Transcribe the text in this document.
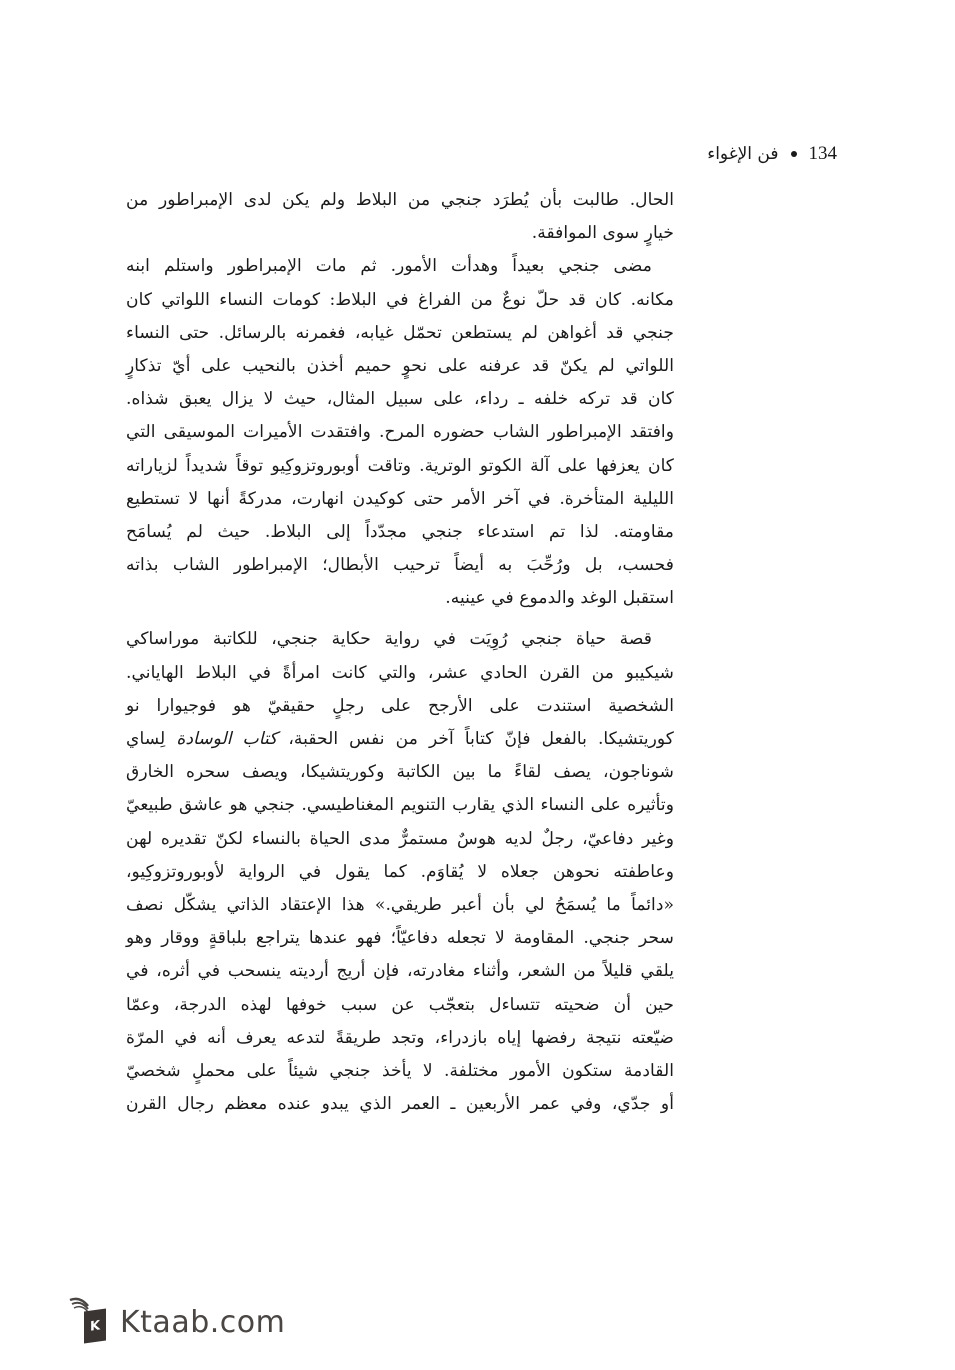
134
فن الإغواء
الحال. طالبت بأن يُطرَد جنجي من البلاط ولم يكن لدى الإمبراطور من
خيارٍ سوى الموافقة.
مضى جنجي بعيداً وهدأت الأمور. ثم مات الإمبراطور واستلم ابنه
مكانه. كان قد حلّ نوعٌ من الفراغ في البلاط: كومات النساء اللواتي كان
جنجي قد أغواهن لم يستطعن تحمّل غيابه، فغمرنه بالرسائل. حتى النساء
اللواتي لم يكنّ قد عرفنه على نحوٍ حميم أخذن بالنحيب على أيّ تذكارٍ
كان قد تركه خلفه ـ رداء، على سبيل المثال، حيث لا يزال يعبق شذاه.
وافتقد الإمبراطور الشاب حضوره المرح. وافتقدت الأميرات الموسيقى التي
كان يعزفها على آلة الكوتو الوترية. وتاقت أوبوروتزوكِيو توقاً شديداً لزياراته
الليلية المتأخرة. في آخر الأمر حتى كوكيدن انهارت، مدركةً أنها لا تستطيع
مقاومته. لذا تم استدعاء جنجي مجدّداً إلى البلاط. حيث لم يُسامَح
فحسب، بل ورُحِّبَ به أيضاً ترحيب الأبطال؛ الإمبراطور الشاب بذاته
استقبل الوغد والدموع في عينيه.
قصة حياة جنجي رُوِيَت في رواية حكاية جنجي، للكاتبة موراساكي
شيكيبو من القرن الحادي عشر، والتي كانت امرأةً في البلاط الهاياني.
الشخصية استندت على الأرجح على رجلٍ حقيقيّ هو فوجيوارا نو
كوريتشيكا. بالفعل فإنّ كتاباً آخر من نفس الحقبة، كتاب الوسادة لِساي
شوناجون، يصف لقاءً ما بين الكاتبة وكوريتشيكا، ويصف سحره الخارق
وتأثيره على النساء الذي يقارب التنويم المغناطيسي. جنجي هو عاشق طبيعيّ
وغير دفاعيّ، رجلٌ لديه هوسٌ مستمرٌّ مدى الحياة بالنساء لكنّ تقديره لهن
وعاطفته نحوهن جعلاه لا يُقاوَم. كما يقول في الرواية لأوبوروتزوكِيو،
«دائماً ما يُسمَحُ لي بأن أعبر طريقي.» هذا الإعتقاد الذاتي يشكّل نصف
سحر جنجي. المقاومة لا تجعله دفاعيّاً؛ فهو عندها يتراجع بلباقةٍ ووقار وهو
يلقي قليلاً من الشعر، وأثناء مغادرته، فإن أريج أرديته ينسحب في أثره، في
حين أن ضحيته تتساءل بتعجّب عن سبب خوفها لهذه الدرجة، وعمّا
ضيّعته نتيجة رفضها إياه بازدراء، وتجد طريقةً لتدعه يعرف أنه في المرّة
القادمة ستكون الأمور مختلفة. لا يأخذ جنجي شيئاً على محملٍ شخصيّ
أو جدّي، وفي عمر الأربعين ـ العمر الذي يبدو عنده معظم رجال القرن
K Ktaab.com
